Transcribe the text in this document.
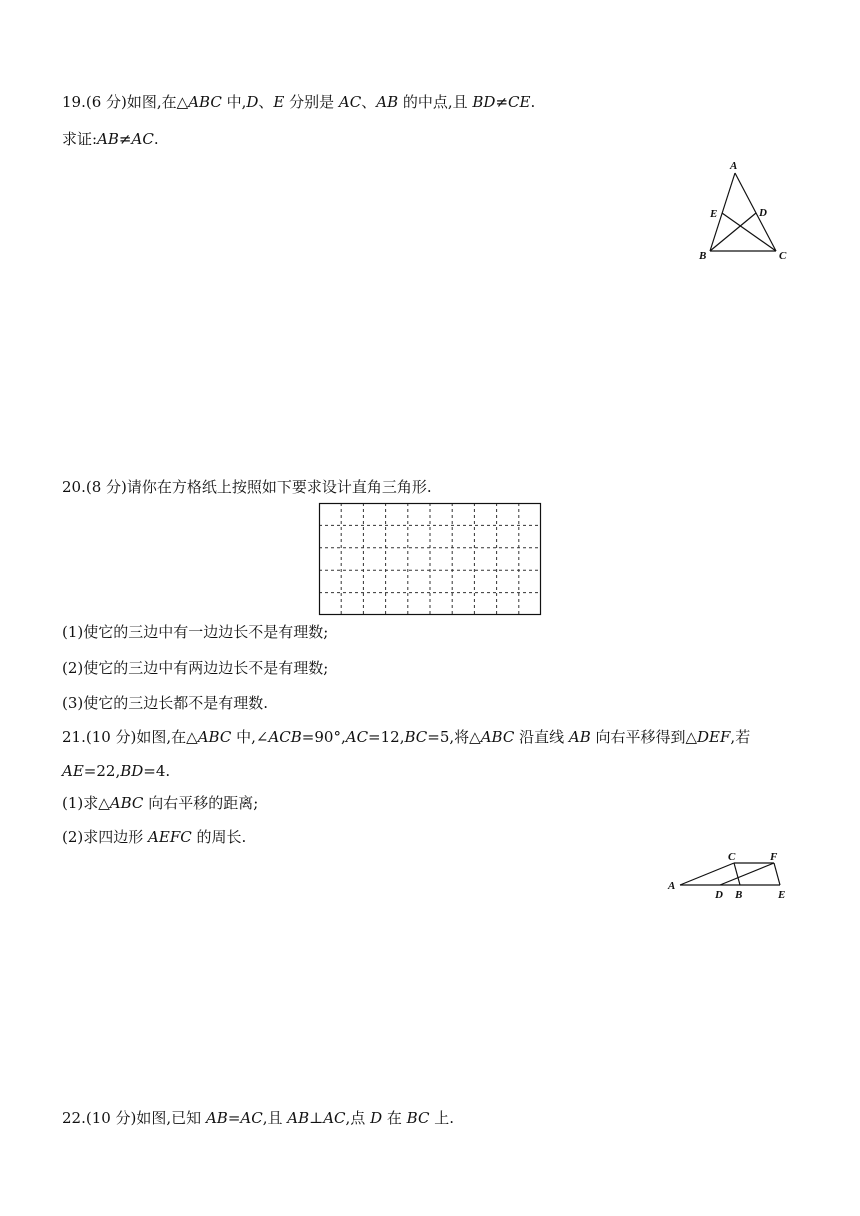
19.(6 分)如图,在△ABC 中,D、E 分别是 AC、AB 的中点,且 BD≠CE.
求证:AB≠AC.
A
B	C
D
E
20.(8 分)请你在方格纸上按照如下要求设计直角三角形.
(1)使它的三边中有一边边长不是有理数;
(2)使它的三边中有两边边长不是有理数;
(3)使它的三边长都不是有理数.
21.(10 分)如图,在△ABC 中,∠ACB=90°,AC=12,BC=5,将△ABC 沿直线 AB 向右平移得到△DEF,若
AE=22,BD=4.
(1)求△ABC 向右平移的距离;
(2)求四边形 AEFC 的周长.
A
C	F
D B	E
22.(10 分)如图,已知 AB=AC,且 AB⊥AC,点 D 在 BC 上.
